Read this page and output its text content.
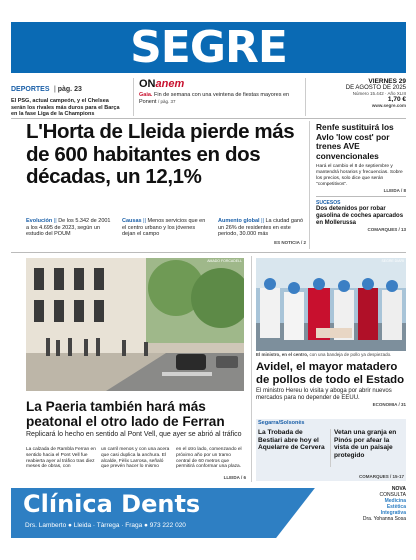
SEGRE
DEPORTES | pàg. 23
El PSG, actual campeón, y el Chelsea serán los rivales más duros para el Barça en la fase Liga de la Champions
ONanem
Gaia. Fin de semana con una veintena de fiestas mayores en Ponent / pàg. 37
VIERNES 29
DE AGOSTO DE 2025
Número 15.442 · Año XLIII
1,70 €
www.segre.com
L'Horta de Lleida pierde más de 600 habitantes en dos décadas, un 12,1%
Evolución || De los 5.342 de 2001 a los 4.695 de 2023, según un estudio del POUM
Causas || Menos servicios que en el centro urbano y los jóvenes dejan el campo
Aumento global || La ciudad ganó un 26% de residentes en este periodo, 30.000 más
ES NOTICIA / 2
Renfe sustituirá los Avlo 'low cost' por trenes AVE convencionales
Hará el cambio el 8 de septiembre y mantendrá horarios y frecuencias. Sobre los precios, solo dice que serán "competitivos".
LLEIDA / 8
SUCESOS
Dos detenidos por robar gasolina de coches aparcados en Mollerussa
COMARQUES / 13
AMADO FORCADELL
La Paeria también hará más peatonal el otro lado de Ferran
Replicará lo hecho en sentido al Pont Vell, que ayer se abrió al tráfico
La calzada de Rambla Ferran en sentido hacia el Pont Vell fue reabierta ayer al tráfico tras diez meses de obras, con
un carril menos y con una acera que casi duplica la anchura. El alcalde, Fèlix Larrosa, señaló que prevén hacer lo mismo
en el otro lado, comenzando el próximo año por un tramo central de 60 metros que permitirá conformar una plaza.
LLEIDA / 6
SEGRE DIARI
El ministro, en el centro, con una bandeja de pollo ya despiezado.
Avidel, el mayor matadero de pollos de todo el Estado
El ministro Hereu lo visita y aboga por abrir nuevos mercados para no depender de EEUU.
ECONOMIA / 31
Segarra/Solsonès
La Trobada de Bestiari abre hoy el Aquelarre de Cervera
Vetan una granja en Pinós por afear la vista de un paisaje protegido
COMARQUES / 15-17
Clínica Dents
Drs. Lamberto ● Lleida · Tàrrega · Fraga ● 973 222 020
NOVA
CONSULTA
Medicina
Estètica
Integrativa
Dra. Yohanna Sosa
